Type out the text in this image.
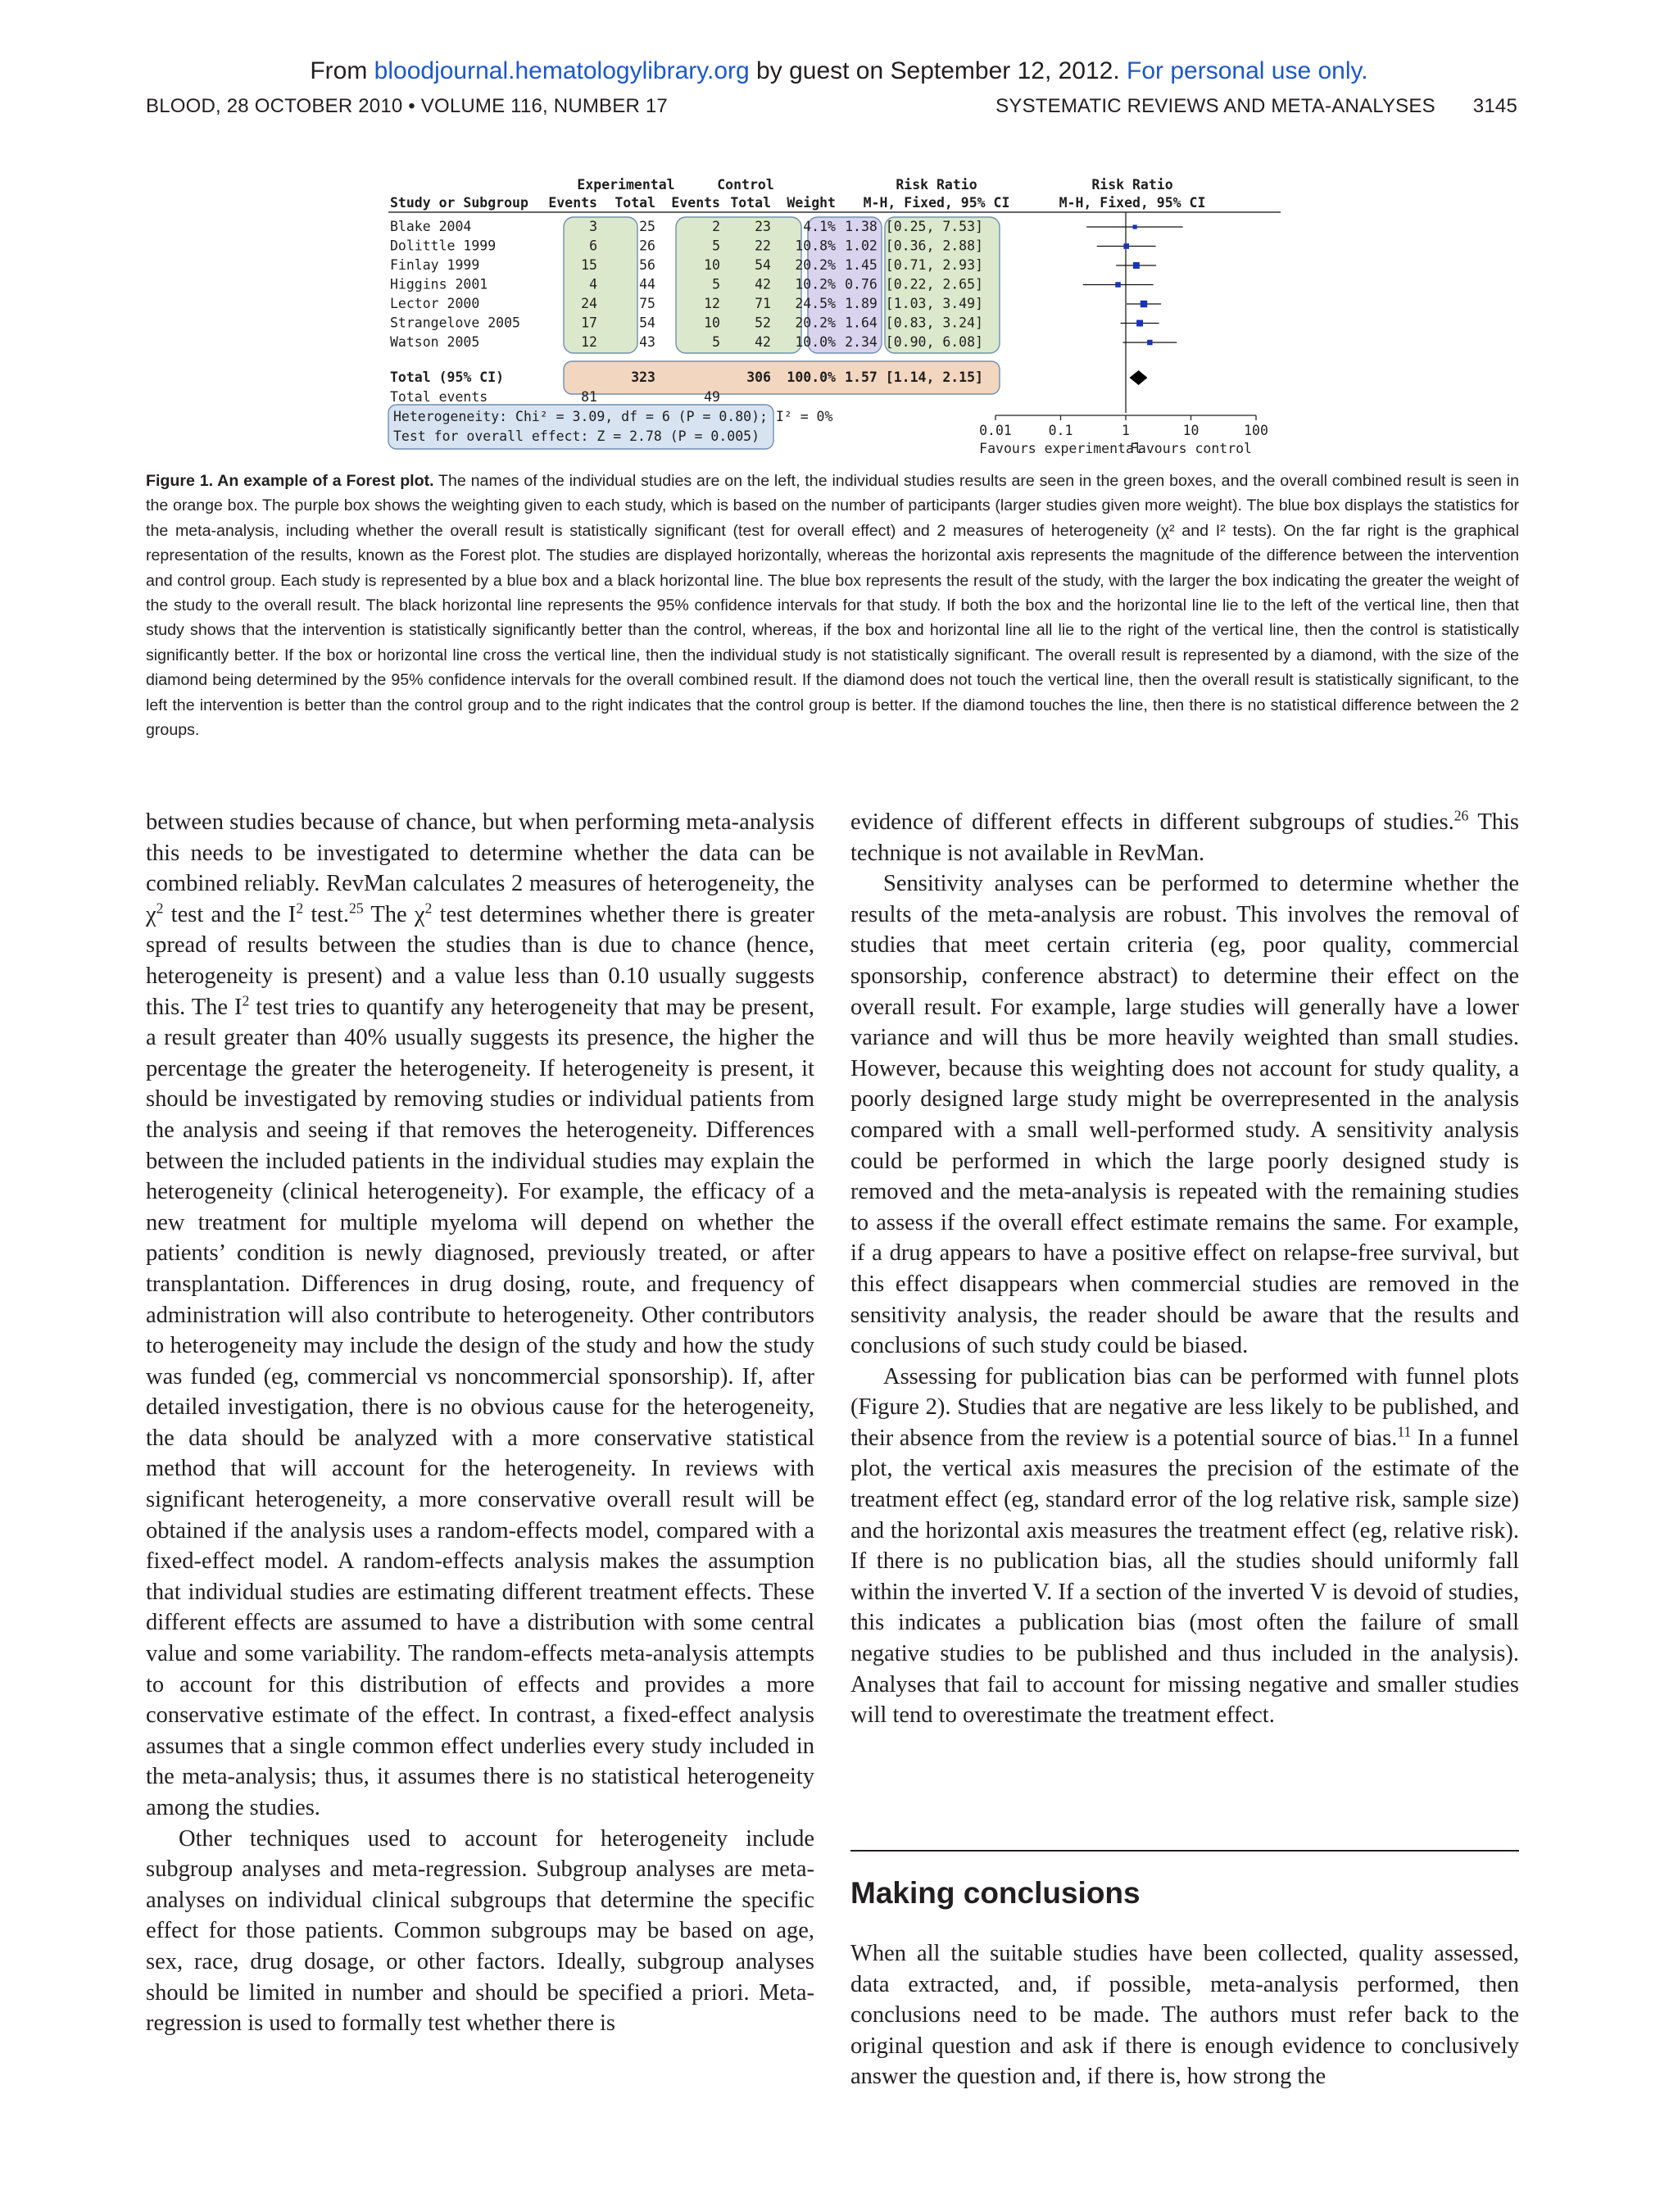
From bloodjournal.hematologylibrary.org by guest on September 12, 2012. For personal use only.
BLOOD, 28 OCTOBER 2010 • VOLUME 116, NUMBER 17	SYSTEMATIC REVIEWS AND META-ANALYSES 3145
Experimental	Control	Risk Ratio	Risk Ratio
Study or Subgroup Events Total Events Total Weight M-H, Fixed, 95% CI	M-H, Fixed, 95% CI
Blake 2004	3	25	2	23 4.1% 1.38 [0.25, 7.53]
Dolittle 1999	6	26	5	22 10.8% 1.02 [0.36, 2.88]
Finlay 1999	15	56	10	54 20.2% 1.45 [0.71, 2.93]
Higgins 2001	4	44	5	42 10.2% 0.76 [0.22, 2.65]
Lector 2000	24	75	12	71 24.5% 1.89 [1.03, 3.49]
Strangelove 2005	17	54	10	52 20.2% 1.64 [0.83, 3.24]
Watson 2005	12	43	5	42 10.0% 2.34 [0.90, 6.08]
Total (95% CI)	323	306 100.0% 1.57 [1.14, 2.15]
Total events	81	49
Heterogeneity: Chi² = 3.09, df = 6 (P = 0.80); I² = 0%
Test for overall effect: Z = 2.78 (P = 0.005)	0.01	0.1	1	10	100
Favours experimental
Favours control
Figure 1. An example of a Forest plot. The names of the individual studies are on the left, the individual studies results are seen in the green boxes, and the overall combined result is seen in the orange box. The purple box shows the weighting given to each study, which is based on the number of participants (larger studies given more weight). The blue box displays the statistics for the meta-analysis, including whether the overall result is statistically significant (test for overall effect) and 2 measures of heterogeneity (χ² and I² tests). On the far right is the graphical representation of the results, known as the Forest plot. The studies are displayed horizontally, whereas the horizontal axis represents the magnitude of the difference between the intervention and control group. Each study is represented by a blue box and a black horizontal line. The blue box represents the result of the study, with the larger the box indicating the greater the weight of the study to the overall result. The black horizontal line represents the 95% confidence intervals for that study. If both the box and the horizontal line lie to the left of the vertical line, then that study shows that the intervention is statistically significantly better than the control, whereas, if the box and horizontal line all lie to the right of the vertical line, then the control is statistically significantly better. If the box or horizontal line cross the vertical line, then the individual study is not statistically significant. The overall result is represented by a diamond, with the size of the diamond being determined by the 95% confidence intervals for the overall combined result. If the diamond does not touch the vertical line, then the overall result is statistically significant, to the left the intervention is better than the control group and to the right indicates that the control group is better. If the diamond touches the line, then there is no statistical difference between the 2 groups.

between studies because of chance, but when performing meta-analysis this needs to be investigated to determine whether the data can be combined reliably. RevMan calculates 2 measures of heterogeneity, the $\chi^2$ test and the $I^2$ test.$^{25}$ The $\chi^2$ test determines whether there is greater spread of results between the studies than is due to chance (hence, heterogeneity is present) and a value less than 0.10 usually suggests this. The $I^2$ test tries to quantify any heterogeneity that may be present, a result greater than 40% usually suggests its presence, the higher the percentage the greater the heterogeneity. If heterogeneity is present, it should be investigated by removing studies or individual patients from the analysis and seeing if that removes the heterogeneity. Differences between the included patients in the individual studies may explain the heterogeneity (clinical heterogeneity). For example, the efficacy of a new treatment for multiple myeloma will depend on whether the patients’ condition is newly diagnosed, previously treated, or after transplantation. Differences in drug dosing, route, and frequency of administration will also contribute to heterogeneity. Other contributors to heterogeneity may include the design of the study and how the study was funded (eg, commercial vs noncommercial sponsorship). If, after detailed investigation, there is no obvious cause for the heterogeneity, the data should be analyzed with a more conservative statistical method that will account for the heterogeneity. In reviews with significant heterogeneity, a more conservative overall result will be obtained if the analysis uses a random-effects model, compared with a fixed-effect model. A random-effects analysis makes the assumption that individual studies are estimating different treatment effects. These different effects are assumed to have a distribution with some central value and some variability. The random-effects meta-analysis attempts to account for this distribution of effects and provides a more conservative estimate of the effect. In contrast, a fixed-effect analysis assumes that a single common effect underlies every study included in the meta-analysis; thus, it assumes there is no statistical heterogeneity among the studies.

Other techniques used to account for heterogeneity include subgroup analyses and meta-regression. Subgroup analyses are meta-analyses on individual clinical subgroups that determine the specific effect for those patients. Common subgroups may be based on age, sex, race, drug dosage, or other factors. Ideally, subgroup analyses should be limited in number and should be specified a priori. Meta-regression is used to formally test whether there is

evidence of different effects in different subgroups of studies.$^{26}$ This technique is not available in RevMan.

Sensitivity analyses can be performed to determine whether the results of the meta-analysis are robust. This involves the removal of studies that meet certain criteria (eg, poor quality, commercial sponsorship, conference abstract) to determine their effect on the overall result. For example, large studies will generally have a lower variance and will thus be more heavily weighted than small studies. However, because this weighting does not account for study quality, a poorly designed large study might be overrepresented in the analysis compared with a small well-performed study. A sensitivity analysis could be performed in which the large poorly designed study is removed and the meta-analysis is repeated with the remaining studies to assess if the overall effect estimate remains the same. For example, if a drug appears to have a positive effect on relapse-free survival, but this effect disappears when commercial studies are removed in the sensitivity analysis, the reader should be aware that the results and conclusions of such study could be biased.

Assessing for publication bias can be performed with funnel plots (Figure 2). Studies that are negative are less likely to be published, and their absence from the review is a potential source of bias.$^{11}$ In a funnel plot, the vertical axis measures the precision of the estimate of the treatment effect (eg, standard error of the log relative risk, sample size) and the horizontal axis measures the treatment effect (eg, relative risk). If there is no publication bias, all the studies should uniformly fall within the inverted V. If a section of the inverted V is devoid of studies, this indicates a publication bias (most often the failure of small negative studies to be published and thus included in the analysis). Analyses that fail to account for missing negative and smaller studies will tend to overestimate the treatment effect.

Making conclusions

When all the suitable studies have been collected, quality assessed, data extracted, and, if possible, meta-analysis performed, then conclusions need to be made. The authors must refer back to the original question and ask if there is enough evidence to conclusively answer the question and, if there is, how strong the
